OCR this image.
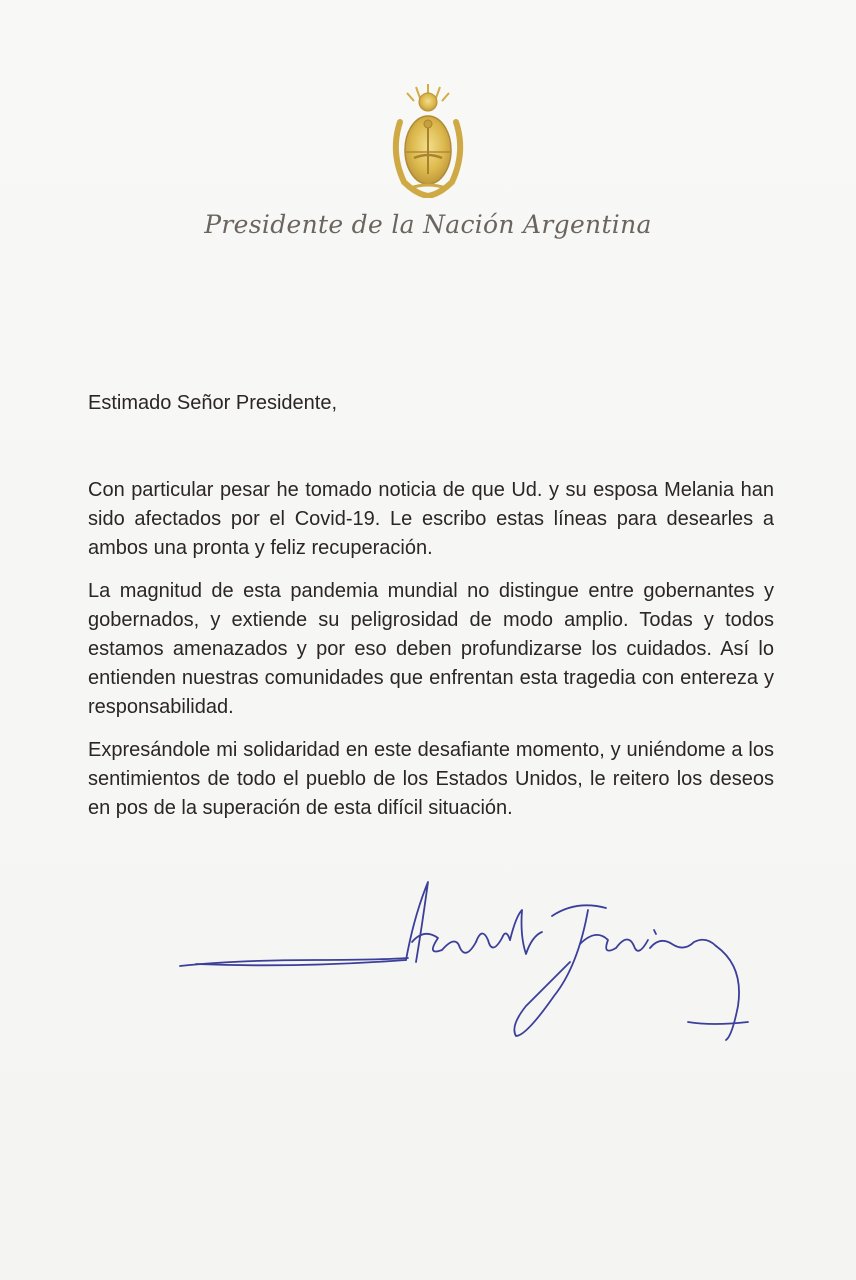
Presidente de la Nación Argentina
Estimado Señor Presidente,

Con particular pesar he tomado noticia de que Ud. y su esposa Melania han sido afectados por el Covid-19. Le escribo estas líneas para desearles a ambos una pronta y feliz recuperación.

La magnitud de esta pandemia mundial no distingue entre gobernantes y gobernados, y extiende su peligrosidad de modo amplio. Todas y todos estamos amenazados y por eso deben profundizarse los cuidados. Así lo entienden nuestras comunidades que enfrentan esta tragedia con entereza y responsabilidad.

Expresándole mi solidaridad en este desafiante momento, y uniéndome a los sentimientos de todo el pueblo de los Estados Unidos, le reitero los deseos en pos de la superación de esta difícil situación.
